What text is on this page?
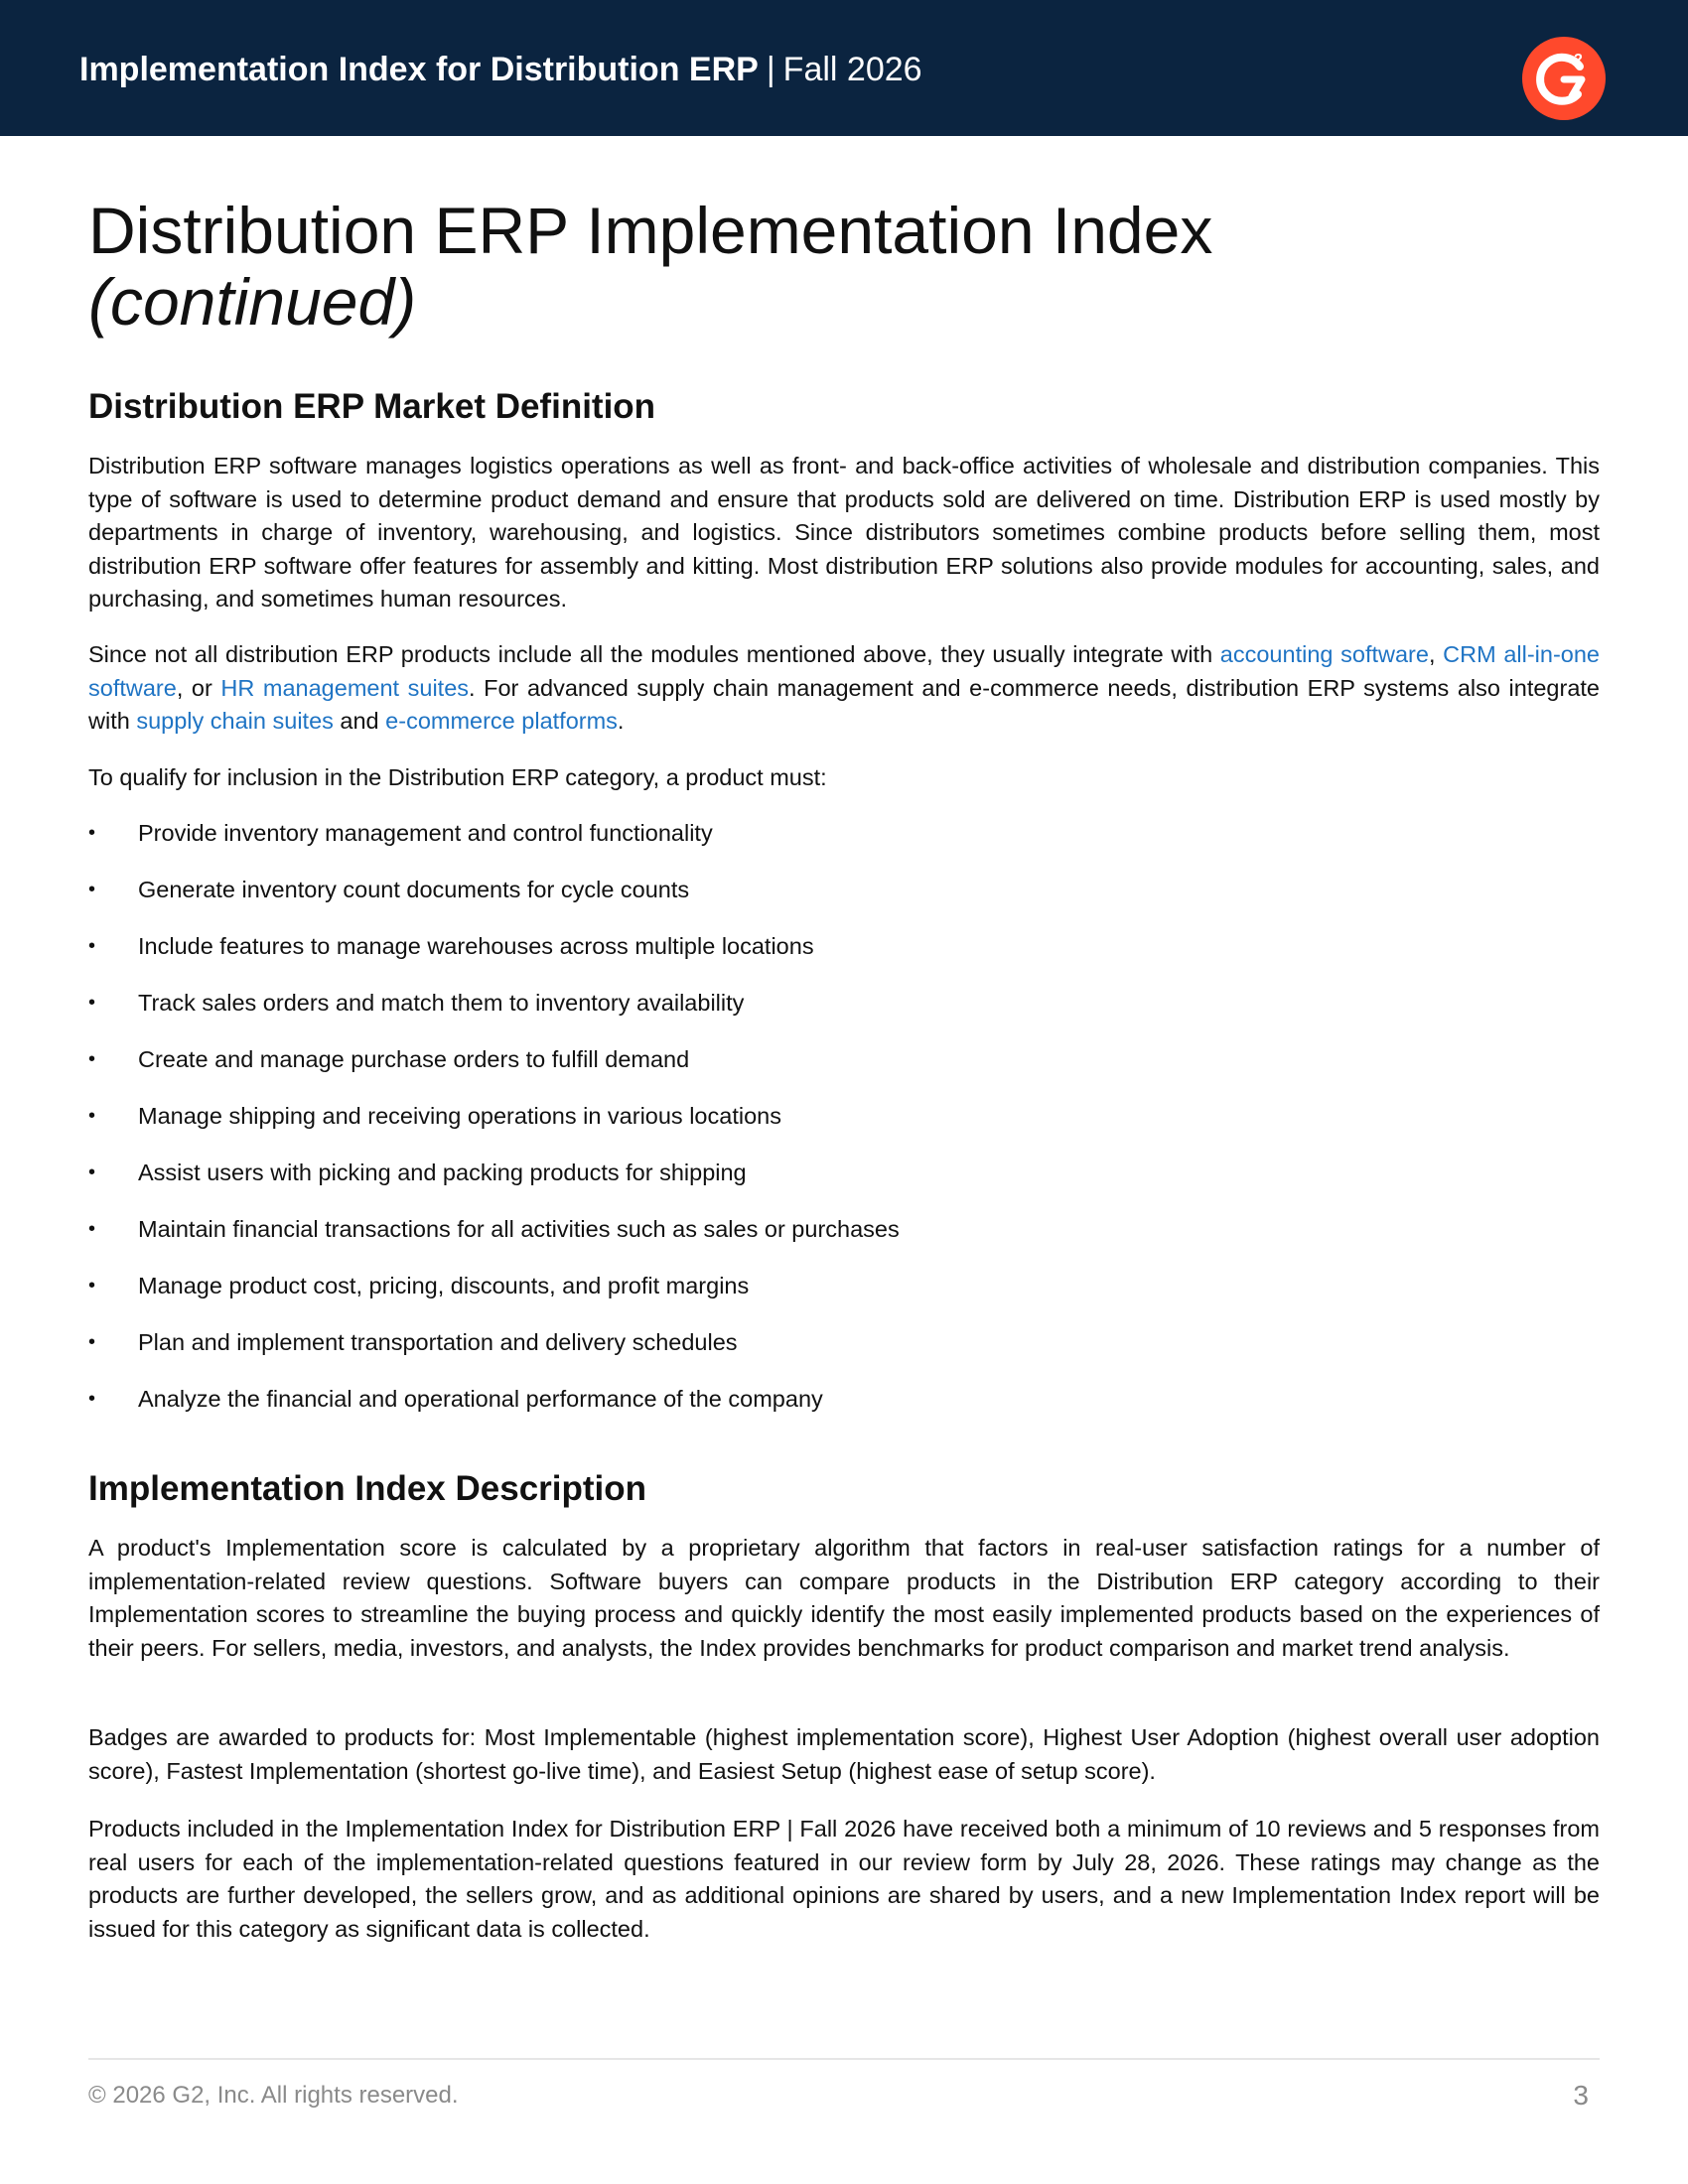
Implementation Index for Distribution ERP | Fall 2026	2
Distribution ERP Implementation Index
(continued)
Distribution ERP Market Definition

Distribution ERP software manages logistics operations as well as front- and back-office activities of wholesale and distribution companies. This type of software is used to determine product demand and ensure that products sold are delivered on time. Distribution ERP is used mostly by departments in charge of inventory, warehousing, and logistics. Since distributors sometimes combine products before selling them, most distribution ERP software offer features for assembly and kitting. Most distribution ERP solutions also provide modules for accounting, sales, and purchasing, and sometimes human resources.

Since not all distribution ERP products include all the modules mentioned above, they usually integrate with accounting software, CRM all-in-one software, or HR management suites. For advanced supply chain management and e-commerce needs, distribution ERP systems also integrate with supply chain suites and e-commerce platforms.

To qualify for inclusion in the Distribution ERP category, a product must:

•	Provide inventory management and control functionality
•	Generate inventory count documents for cycle counts
•	Include features to manage warehouses across multiple locations
•	Track sales orders and match them to inventory availability
•	Create and manage purchase orders to fulfill demand
•	Manage shipping and receiving operations in various locations
•	Assist users with picking and packing products for shipping
•	Maintain financial transactions for all activities such as sales or purchases
•	Manage product cost, pricing, discounts, and profit margins
•	Plan and implement transportation and delivery schedules
•	Analyze the financial and operational performance of the company
Implementation Index Description

A product's Implementation score is calculated by a proprietary algorithm that factors in real-user satisfaction ratings for a number of implementation-related review questions. Software buyers can compare products in the Distribution ERP category according to their Implementation scores to streamline the buying process and quickly identify the most easily implemented products based on the experiences of their peers. For sellers, media, investors, and analysts, the Index provides benchmarks for product comparison and market trend analysis.

Badges are awarded to products for: Most Implementable (highest implementation score), Highest User Adoption (highest overall user adoption score), Fastest Implementation (shortest go-live time), and Easiest Setup (highest ease of setup score).

Products included in the Implementation Index for Distribution ERP | Fall 2026 have received both a minimum of 10 reviews and 5 responses from real users for each of the implementation-related questions featured in our review form by July 28, 2026. These ratings may change as the products are further developed, the sellers grow, and as additional opinions are shared by users, and a new Implementation Index report will be issued for this category as significant data is collected.

© 2026 G2, Inc. All rights reserved.	3
